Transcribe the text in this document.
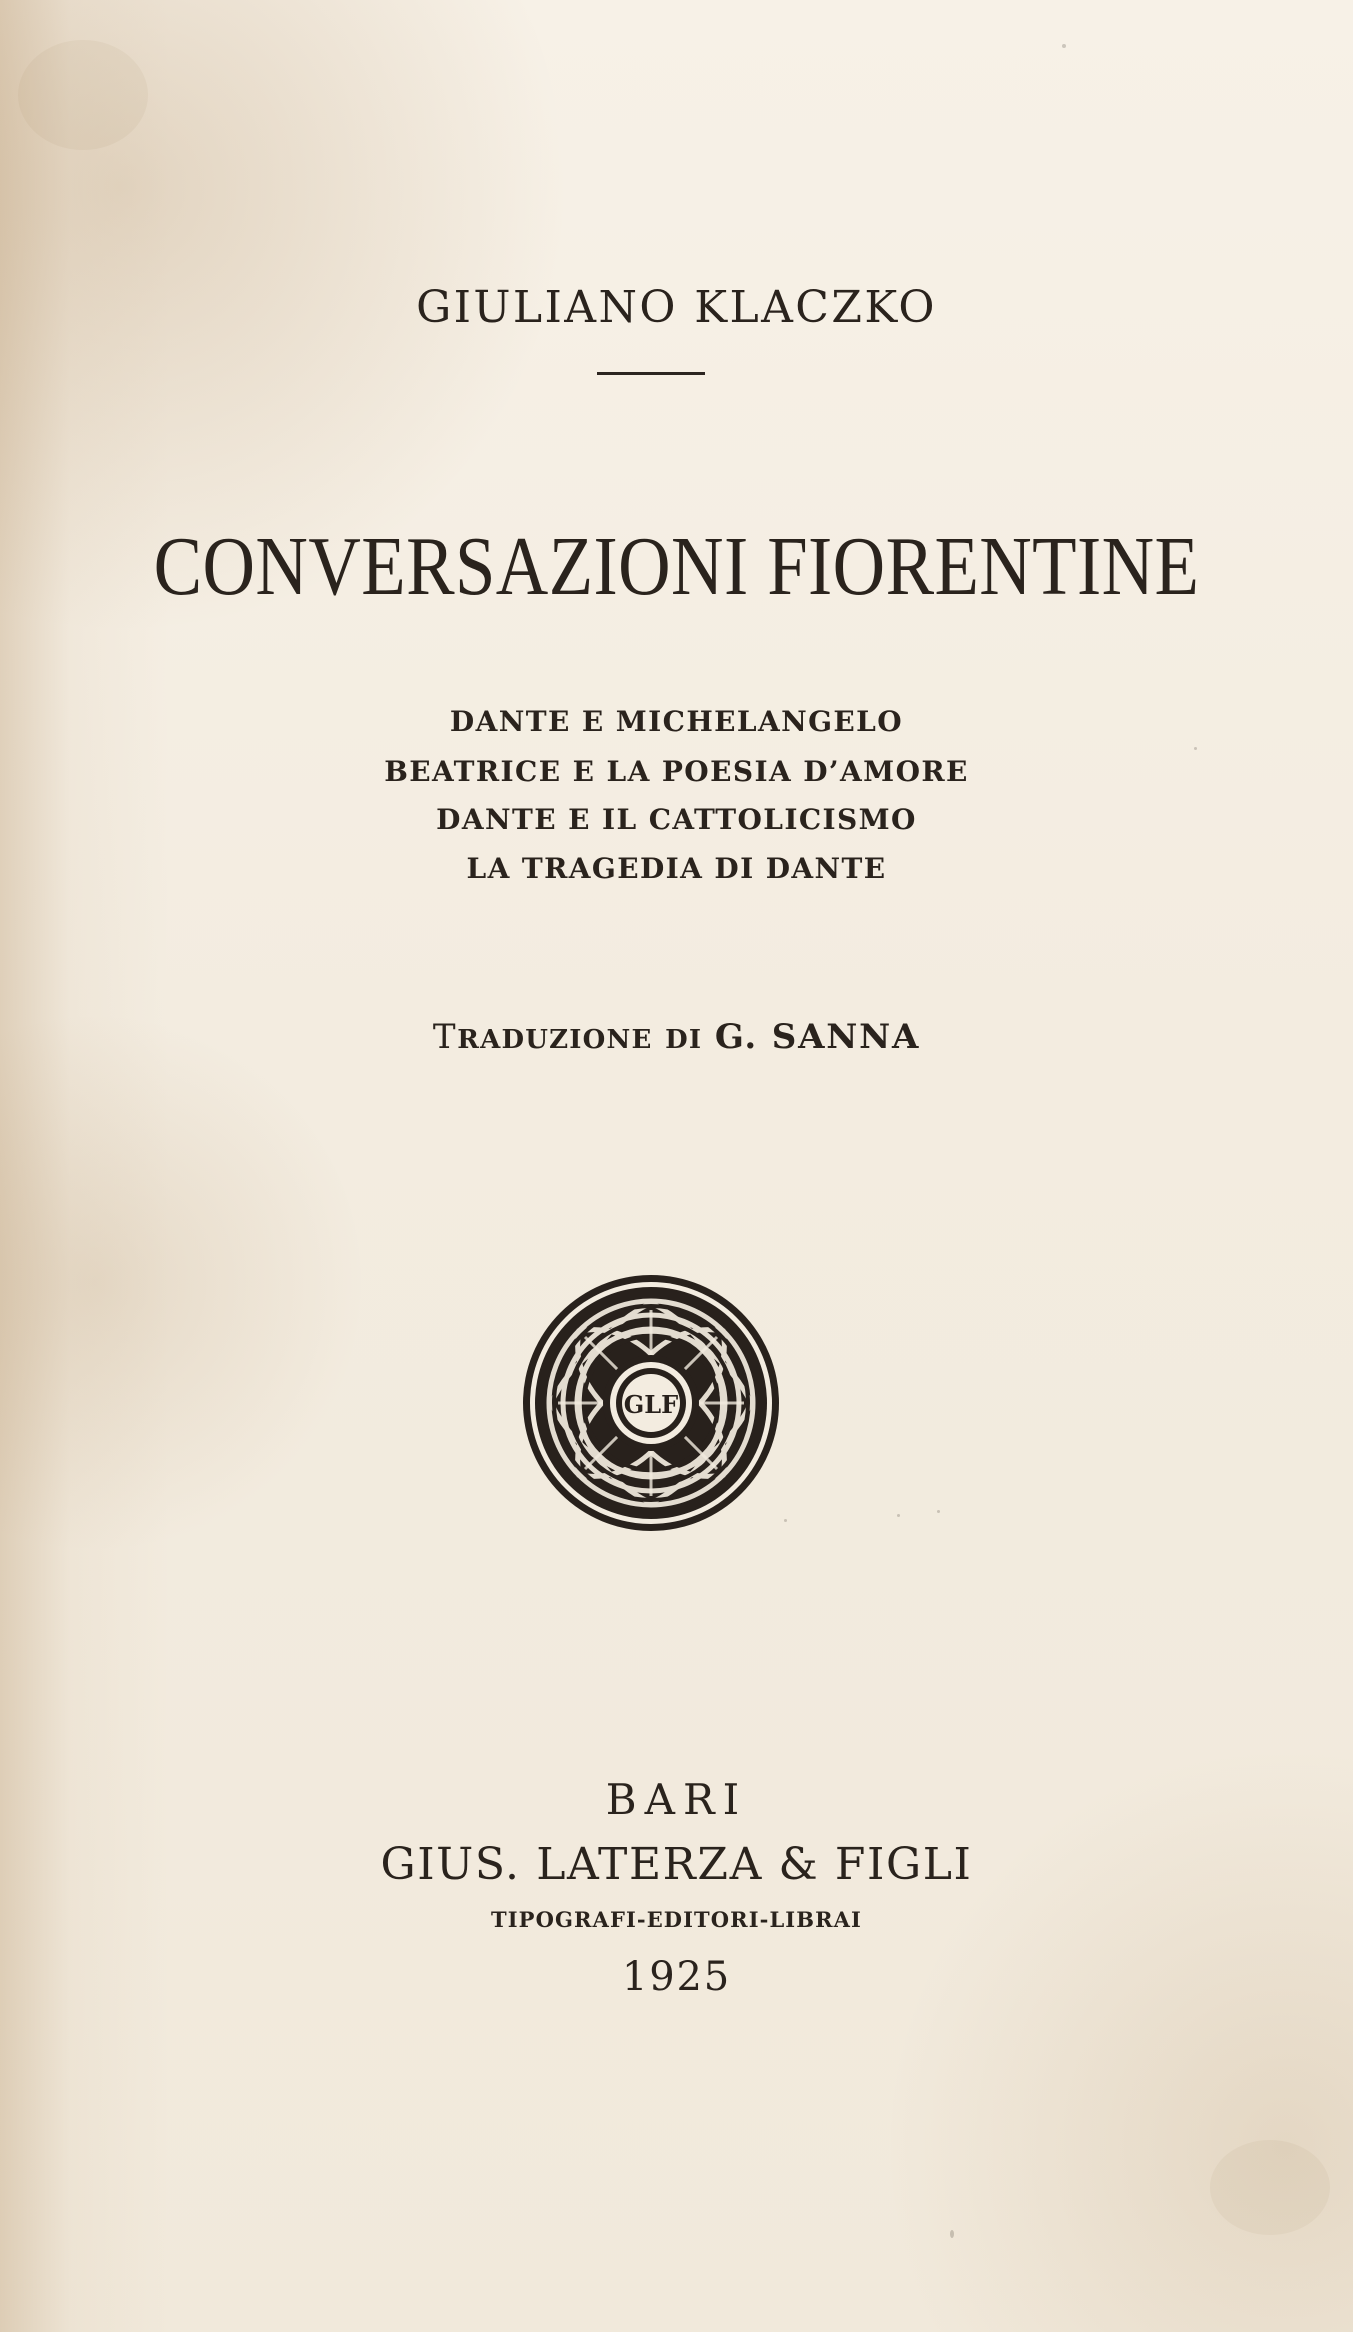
GIULIANO KLACZKO
CONVERSAZIONI FIORENTINE
DANTE E MICHELANGELO
BEATRICE E LA POESIA D’AMORE
DANTE E IL CATTOLICISMO
LA TRAGEDIA DI DANTE
TRADUZIONE DI G. SANNA
GLF
BARI
GIUS. LATERZA & FIGLI
TIPOGRAFI-EDITORI-LIBRAI
1925
